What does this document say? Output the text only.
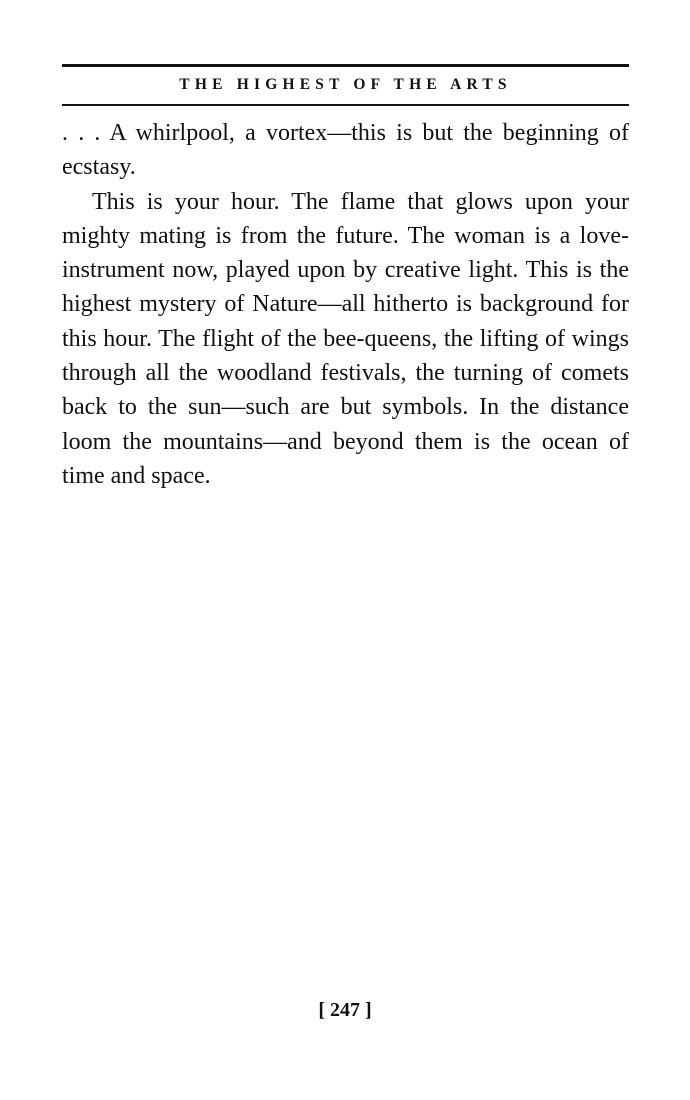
THE HIGHEST OF THE ARTS

. . . A whirlpool, a vortex—this is but the beginning of ecstasy.

This is your hour. The flame that glows upon your mighty mating is from the future. The woman is a love-instrument now, played upon by creative light. This is the highest mystery of Nature—all hitherto is background for this hour. The flight of the bee-queens, the lifting of wings through all the woodland festivals, the turning of comets back to the sun—such are but symbols. In the distance loom the mountains—and beyond them is the ocean of time and space.

[ 247 ]
